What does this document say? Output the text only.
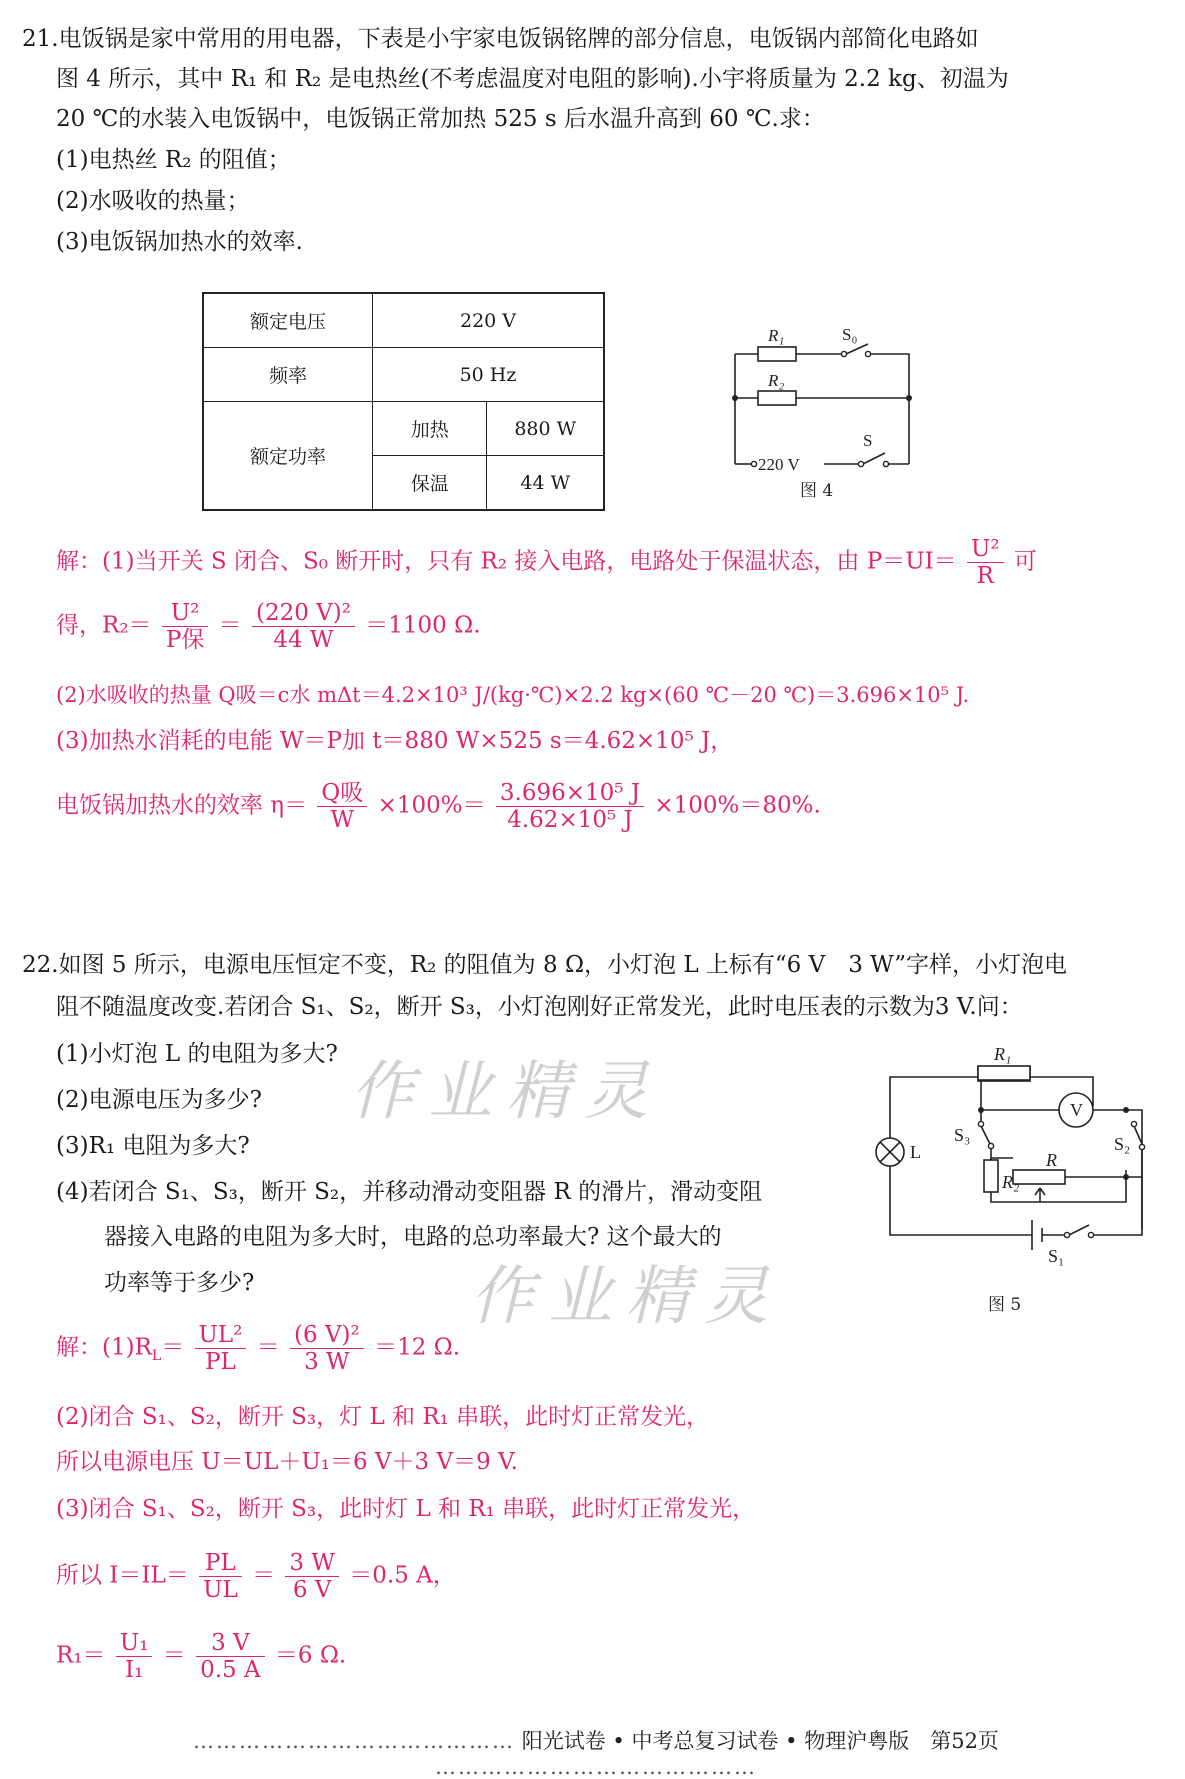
21.电饭锅是家中常用的用电器，下表是小宇家电饭锅铭牌的部分信息，电饭锅内部简化电路如
图 4 所示，其中 R₁ 和 R₂ 是电热丝(不考虑温度对电阻的影响).小宇将质量为 2.2 kg、初温为
20 ℃的水装入电饭锅中，电饭锅正常加热 525 s 后水温升高到 60 ℃.求：
(1)电热丝 R₂ 的阻值；
(2)水吸收的热量；
(3)电饭锅加热水的效率.
额定电压	220 V	
频率	50 Hz	
额定功率	加热	880 W
	保温	44 W
R₁	S₀
R₂
220 V
S
图 4
解：(1)当开关 S 闭合、S₀ 断开时，只有 R₂ 接入电路，电路处于保温状态，由 $P=UI= \frac{\text{U²}}{R}$ 可
得，$R_2= \frac{\text{U²}}{\text{P保}} = \frac{\text{(220 V)²}}{44 W} =1100$ Ω.
(2)水吸收的热量 Q吸＝c水 mΔt＝4.2×10³ J/(kg·℃)×2.2 kg×(60 ℃－20 ℃)＝3.696×10⁵ J.
(3)加热水消耗的电能 W＝P加 t＝880 W×525 s＝4.62×10⁵ J，
电饭锅加热水的效率 $\eta= \frac{\text{Q吸}}{W} \times 100\%= \frac{\text{3.696×10⁵ J}}{\text{4.62×10⁵ J}} \times 100\%=80\%$.
22.如图 5 所示，电源电压恒定不变，R₂ 的阻值为 8 Ω，小灯泡 L 上标有“6 V　3 W”字样，小灯泡电
阻不随温度改变.若闭合 S₁、S₂，断开 S₃，小灯泡刚好正常发光，此时电压表的示数为3 V.问：
(1)小灯泡 L 的电阻为多大?
(2)电源电压为多少?
(3)R₁ 电阻为多大?
(4)若闭合 S₁、S₃，断开 S₂，并移动滑动变阻器 R 的滑片，滑动变阻
器接入电路的电阻为多大时，电路的总功率最大? 这个最大的
功率等于多少?
R₁
V
L
S₃
R₂
R
S₂
S₁
图 5
作业精灵
作业精灵
解：$(1)R_L= \frac{\text{UL²}}{PL} = \frac{\text{(6 V)²}}{3 W} =12$ Ω.
(2)闭合 S₁、S₂，断开 S₃，灯 L 和 R₁ 串联，此时灯正常发光，
所以电源电压 U＝UL＋U₁＝6 V＋3 V＝9 V.
(3)闭合 S₁、S₂，断开 S₃，此时灯 L 和 R₁ 串联，此时灯正常发光，
所以 $I=IL= \frac{PL}{UL} = \frac{3 W}{6 V} =0.5$ A，
$R_1= \frac{\text{U₁}}{\text{I₁}} = \frac{3 V}{0.5 A} =6$ Ω.
…………………………………… 阳光试卷 • 中考总复习试卷 • 物理沪粤版　第52页 ……………………………………
